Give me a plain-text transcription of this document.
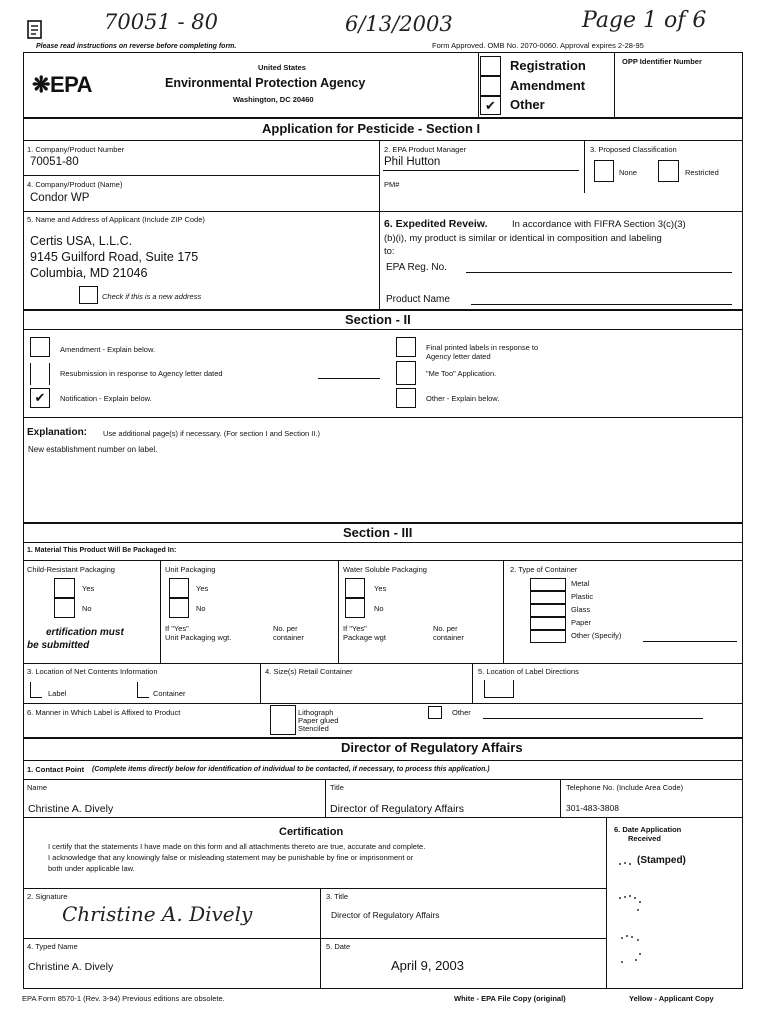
70051 - 80	6/13/2003	Page 1 of 6
Please read instructions on reverse before completing form.	Form Approved. OMB No. 2070-0060. Approval expires 2-28-95
❋EPA
United States
Environmental Protection Agency
Washington, DC 20460	✔
Registration
Amendment
Other
OPP Identifier Number
Application for Pesticide - Section I
1. Company/Product Number
70051-80
2. EPA Product Manager
Phil Hutton
3. Proposed Classification
None	Restricted
4. Company/Product (Name)
Condor WP
PM#
5. Name and Address of Applicant (Include ZIP Code)
Certis USA, L.L.C.
9145 Guilford Road, Suite 175
Columbia, MD 21046
Check if this is a new address
6. Expedited Reveiw.	In accordance with FIFRA Section 3(c)(3)
(b)(i), my product is similar or identical in composition and labeling
to:
EPA Reg. No.
Product Name
Section - II
Amendment - Explain below.
Resubmission in response to Agency letter dated
✔	Notification - Explain below.
Final printed labels in response to
Agency letter dated
"Me Too" Application.
Other - Explain below.
Explanation: Use additional page(s) if necessary. (For section I and Section II.)
New establishment number on label.
Section - III
1. Material This Product Will Be Packaged In:
Child-Resistant Packaging
Yes
No
ertification must
be submitted
Unit Packaging
Yes
No
If "Yes"
Unit Packaging wgt.
No. per
container
Water Soluble Packaging
Yes
No
If "Yes"
Package wgt
No. per
container
2. Type of Container
Metal
Plastic
Glass
Paper
Other (Specify)
3. Location of Net Contents Information
Label	Container
4. Size(s) Retail Container	5. Location of Label Directions
6. Manner in Which Label is Affixed to Product	Lithograph
Paper glued
Stenciled
Other
Director of Regulatory Affairs
1. Contact Point (Complete items directly below for identification of individual to be contacted, if necessary, to process this application.)
Name
Christine A. Dively
Title
Director of Regulatory Affairs
Telephone No. (Include Area Code)
301-483-3808
Certification
I certify that the statements I have made on this form and all attachments thereto are true, accurate and complete.
I acknowledge that any knowingly false or misleading statement may be punishable by fine or imprisonment or
both under applicable law.
6. Date Application
Received
(Stamped)
2. Signature
Christine A. Dively
3. Title
Director of Regulatory Affairs
4. Typed Name
Christine A. Dively
5. Date
April 9, 2003
EPA Form 8570-1 (Rev. 3-94) Previous editions are obsolete.	White - EPA File Copy (original)	Yellow - Applicant Copy
